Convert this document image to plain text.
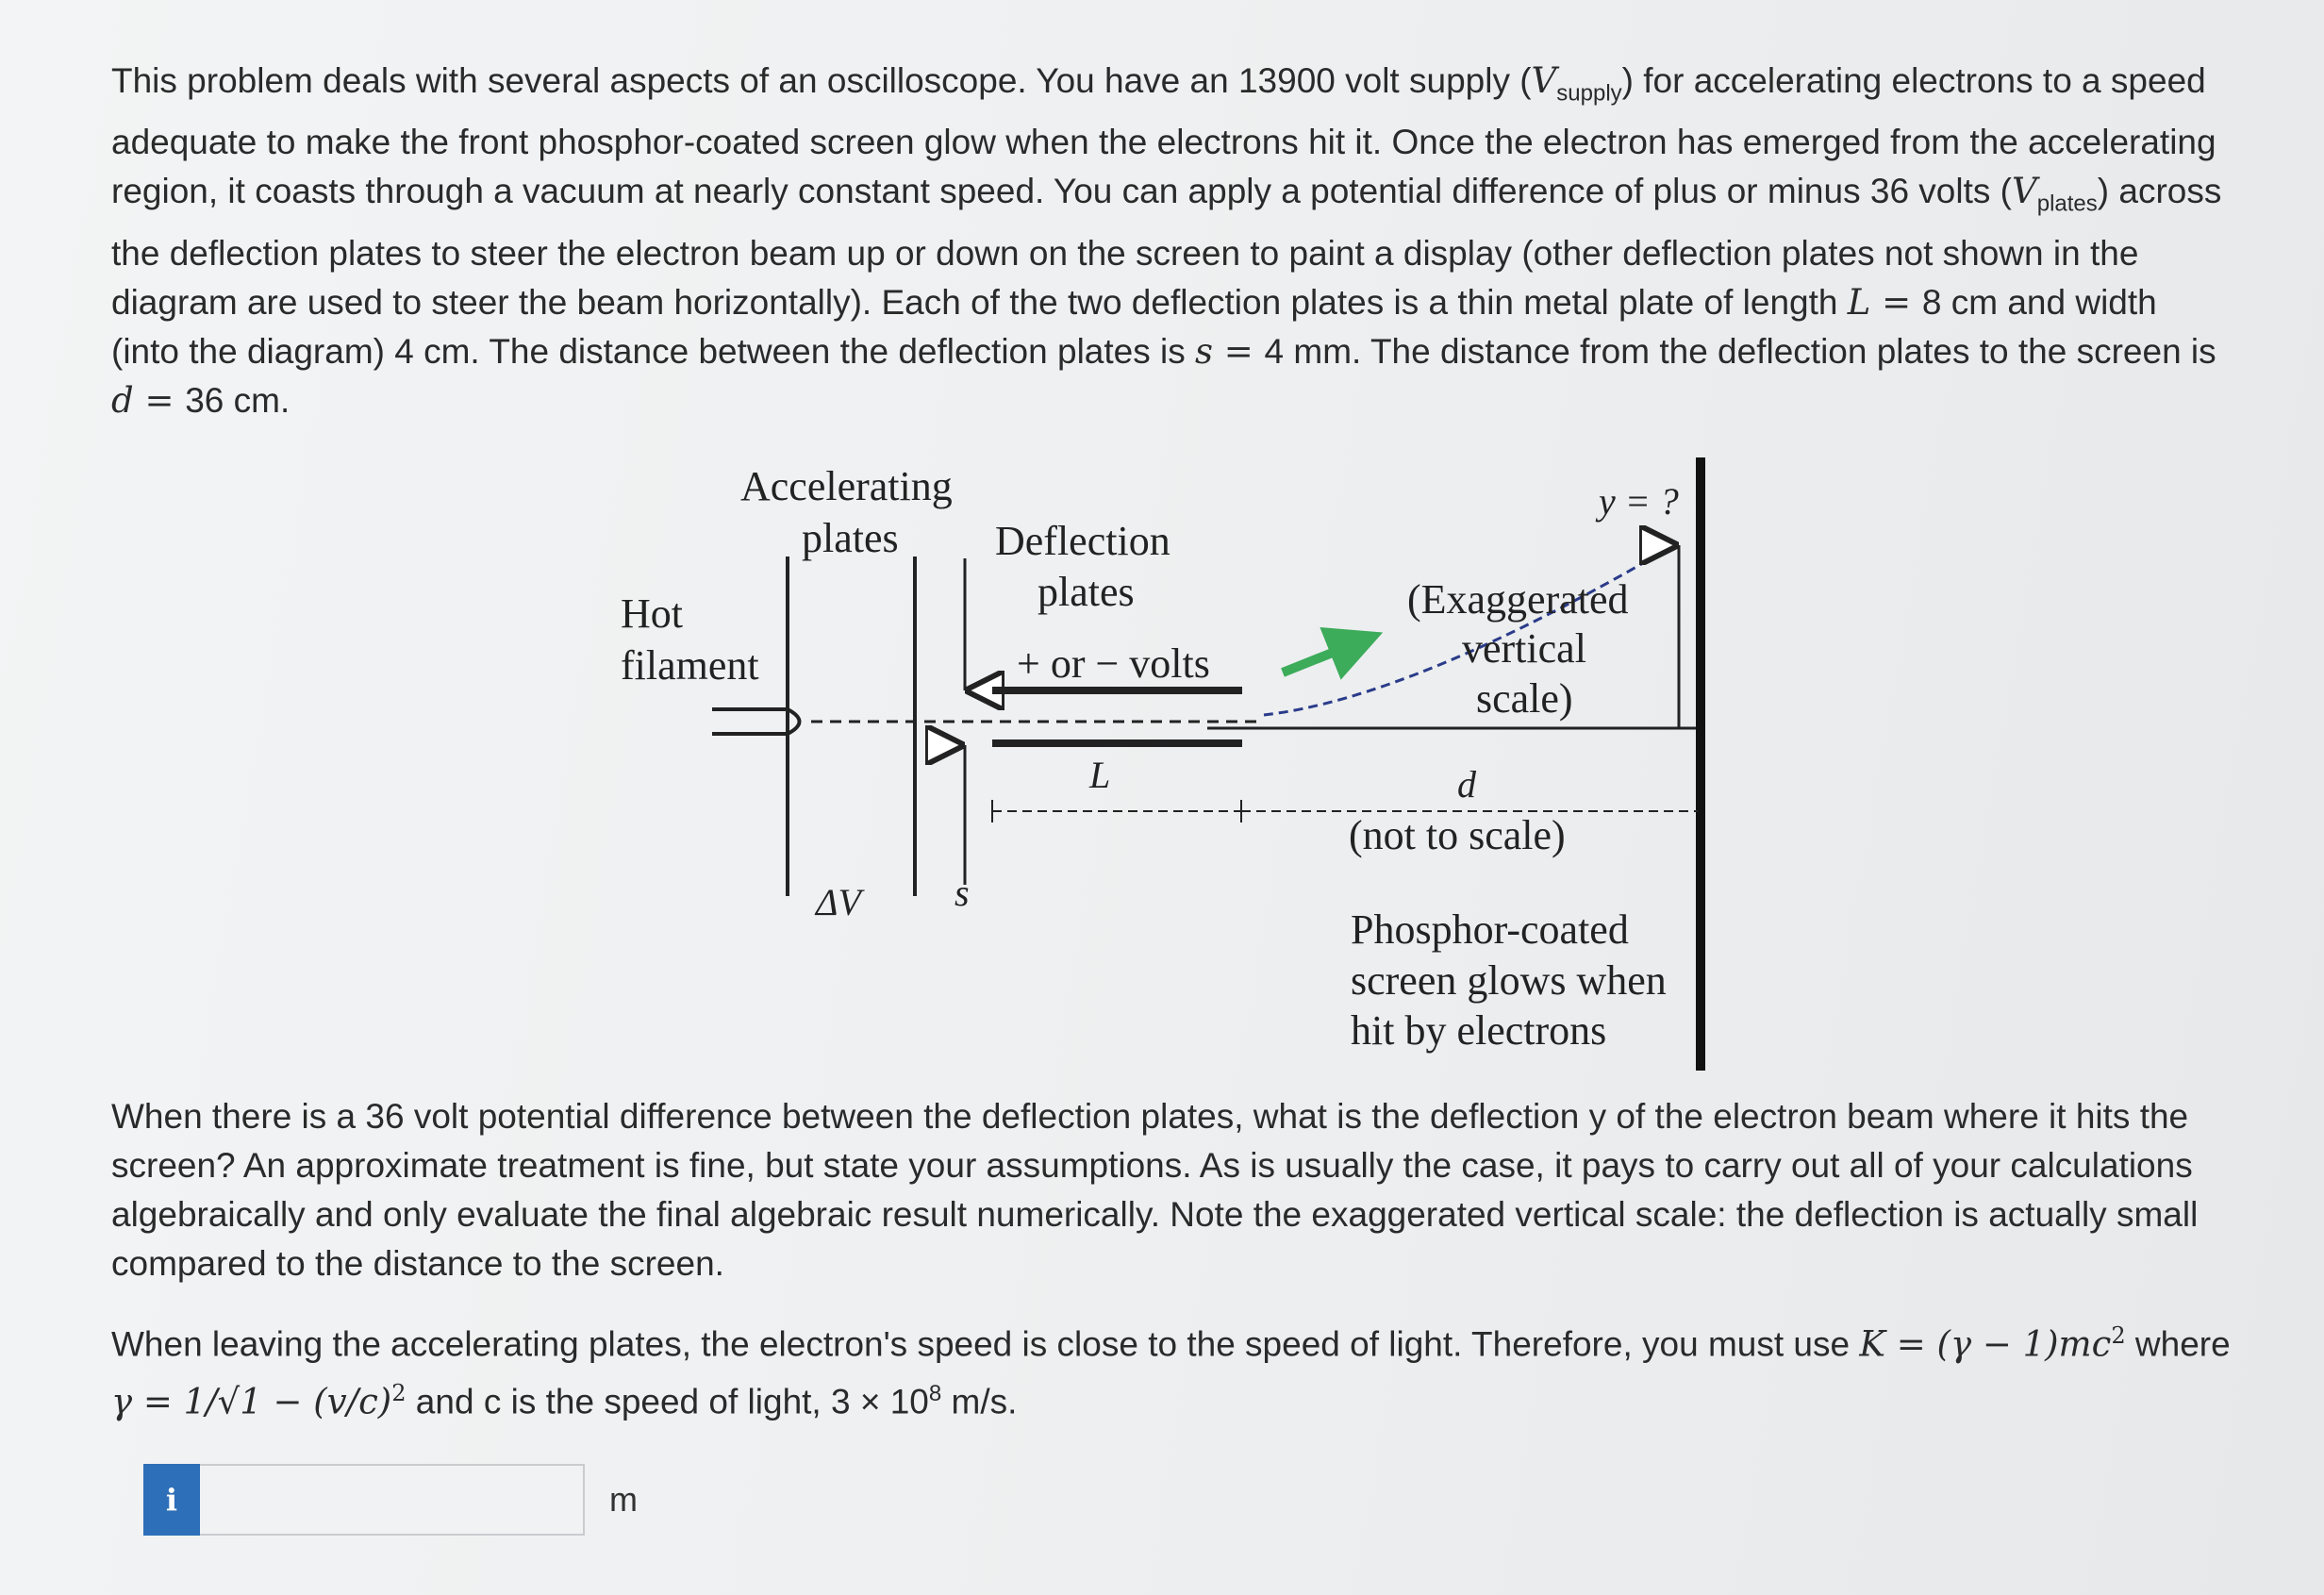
This problem deals with several aspects of an oscilloscope. You have an 13900 volt supply $(V_{supply})$ for accelerating electrons to a speed adequate to make the front phosphor-coated screen glow when the electrons hit it. Once the electron has emerged from the accelerating region, it coasts through a vacuum at nearly constant speed. You can apply a potential difference of plus or minus 36 volts $(V_{plates})$ across the deflection plates to steer the electron beam up or down on the screen to paint a display (other deflection plates not shown in the diagram are used to steer the beam horizontally). Each of the two deflection plates is a thin metal plate of length L = 8 cm and width (into the diagram) 4 cm. The distance between the deflection plates is s = 4 mm. The distance from the deflection plates to the screen is d = 36 cm.

Accelerating
plates Deflection
plates
Hot
filament	+ or − volts
y = ?
(Exaggerated
vertical
scale)
L	d
(not to scale)
ΔV s
Phosphor-coated
screen glows when
hit by electrons

When there is a 36 volt potential difference between the deflection plates, what is the deflection y of the electron beam where it hits the screen? An approximate treatment is fine, but state your assumptions. As is usually the case, it pays to carry out all of your calculations algebraically and only evaluate the final algebraic result numerically. Note the exaggerated vertical scale: the deflection is actually small compared to the distance to the screen.

When leaving the accelerating plates, the electron's speed is close to the speed of light. Therefore, you must use $K = (\gamma - 1)mc^2$ where $\gamma = 1/√1 - (v/c)^2$ and c is the speed of light, $3 \times 10^8$ m/s.

i	m
